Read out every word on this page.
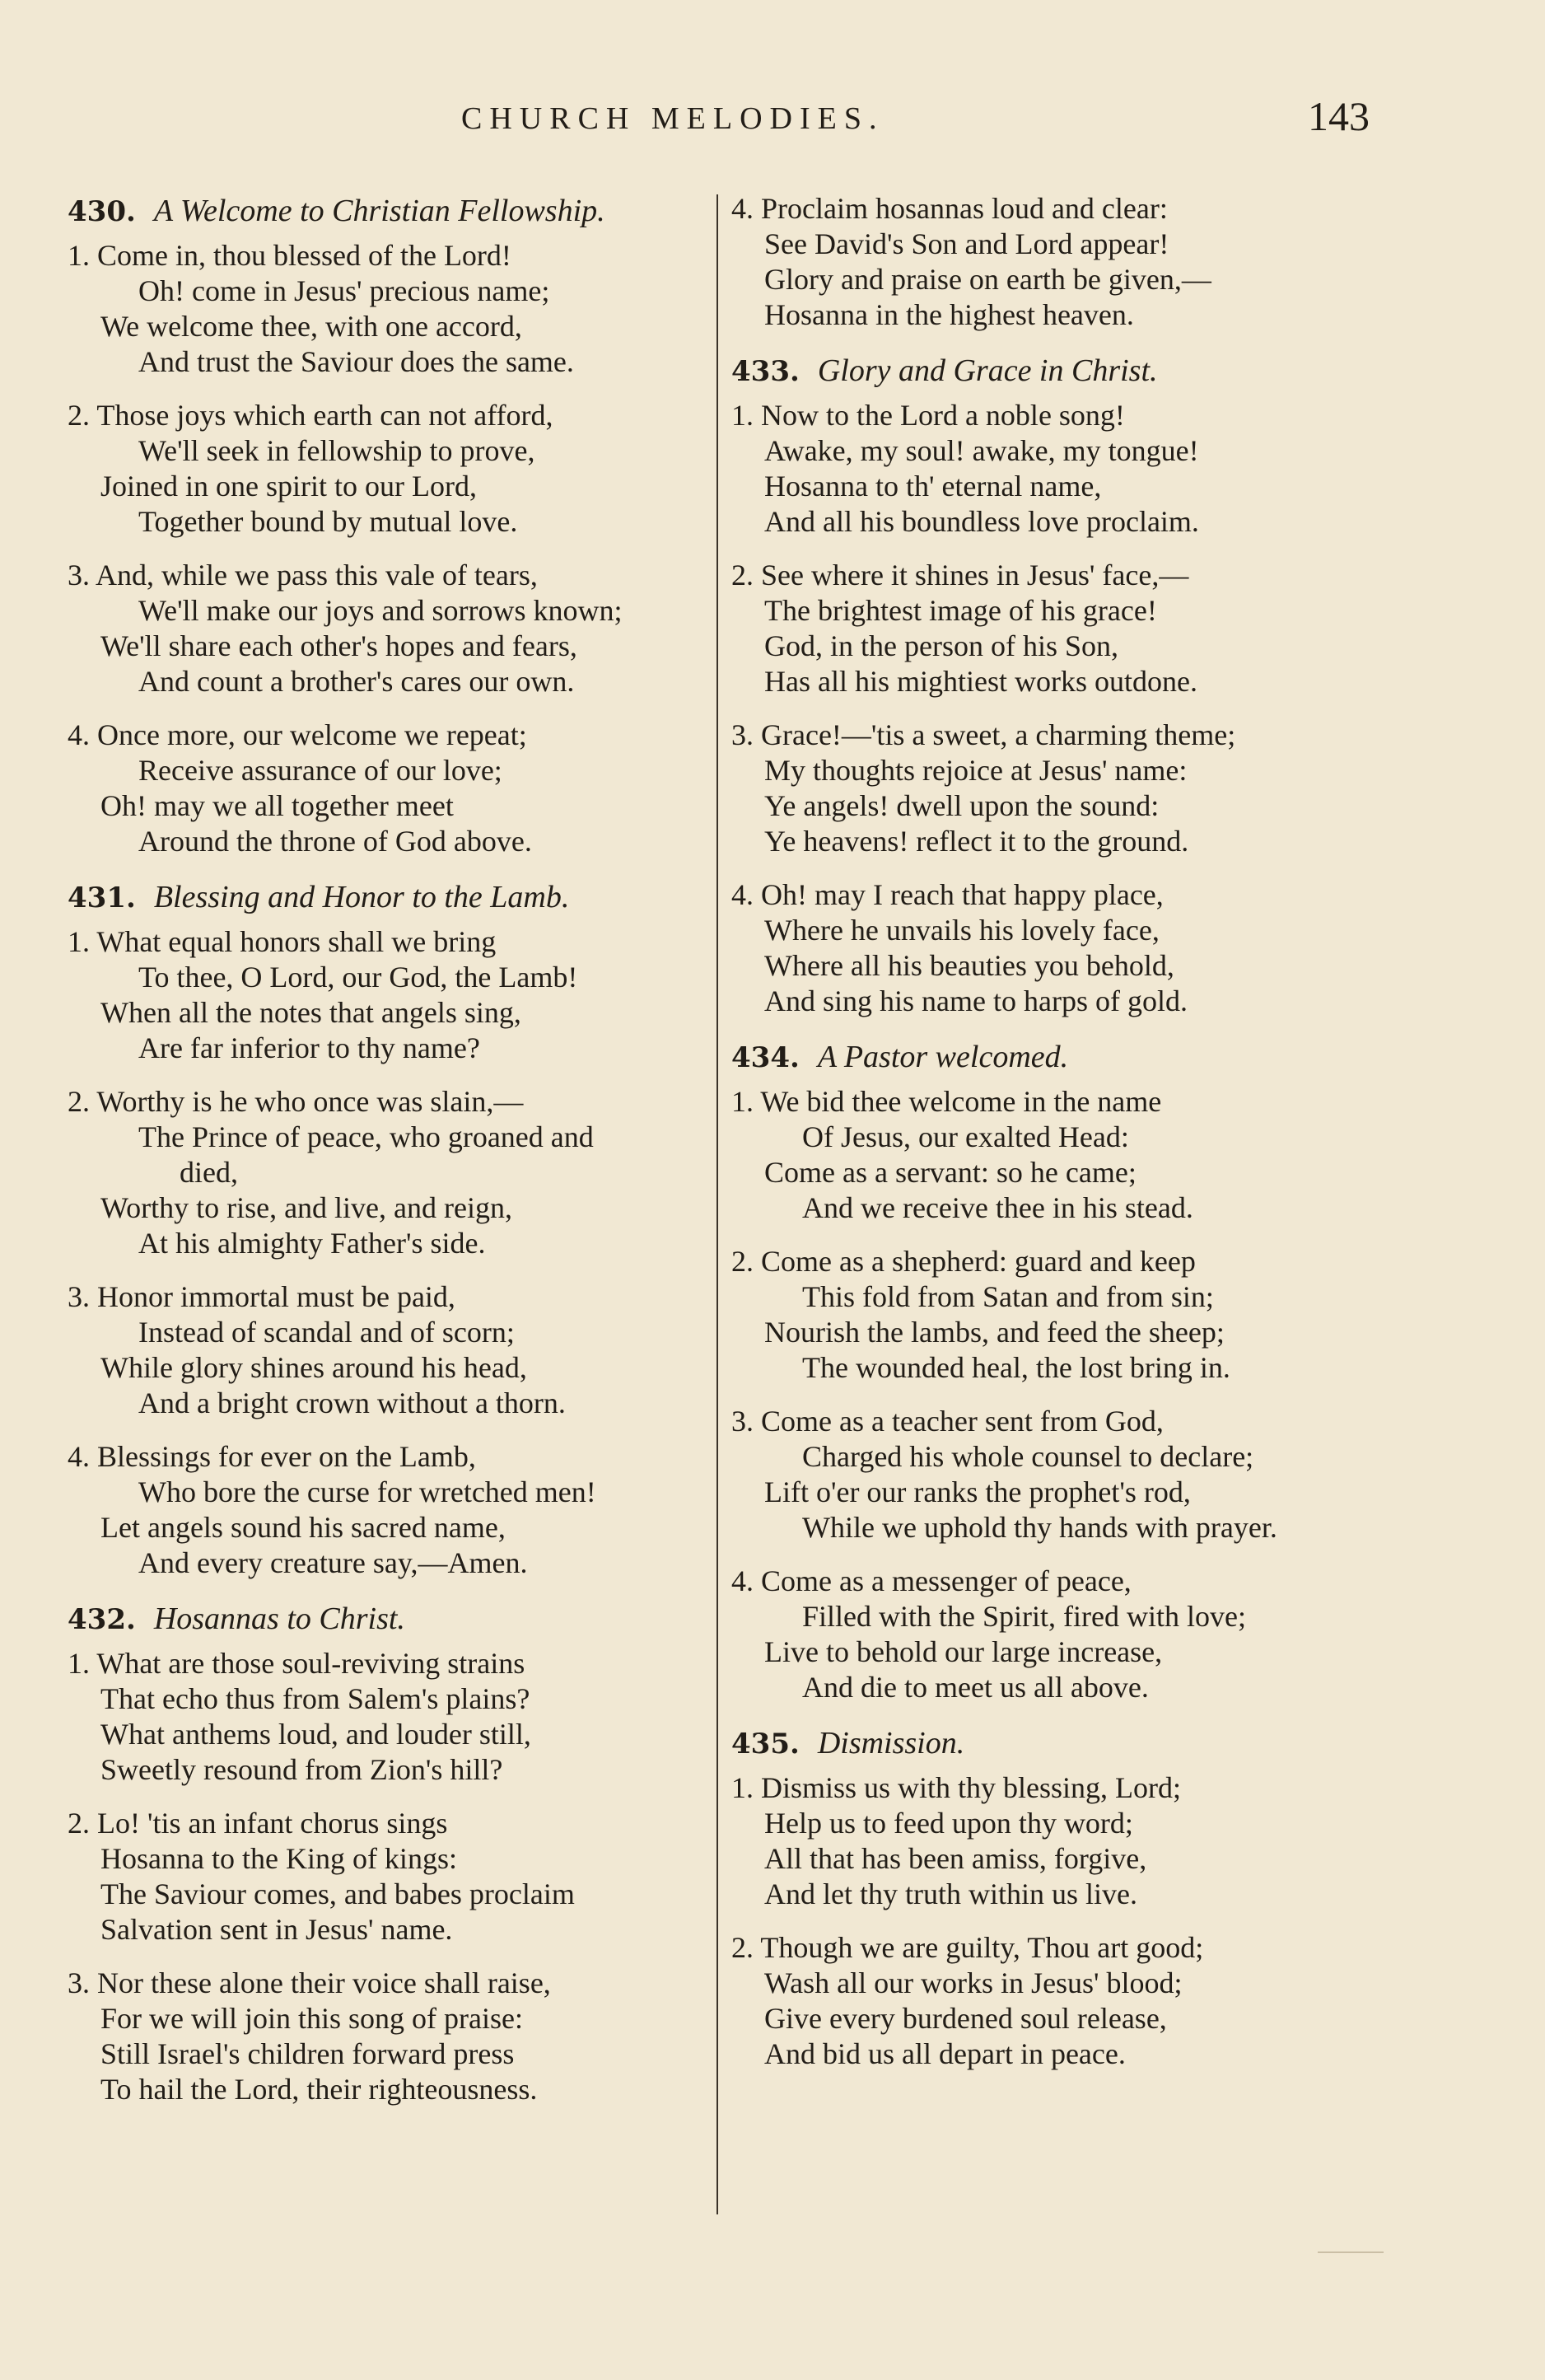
CHURCH MELODIES.	143
430. A Welcome to Christian Fellowship.
1. Come in, thou blessed of the Lord!
Oh! come in Jesus' precious name;
We welcome thee, with one accord,
And trust the Saviour does the same.
2. Those joys which earth can not afford,
We'll seek in fellowship to prove,
Joined in one spirit to our Lord,
Together bound by mutual love.
3. And, while we pass this vale of tears,
We'll make our joys and sorrows known;
We'll share each other's hopes and fears,
And count a brother's cares our own.
4. Once more, our welcome we repeat;
Receive assurance of our love;
Oh! may we all together meet
Around the throne of God above.
431. Blessing and Honor to the Lamb.
1. What equal honors shall we bring
To thee, O Lord, our God, the Lamb!
When all the notes that angels sing,
Are far inferior to thy name?
2. Worthy is he who once was slain,—
The Prince of peace, who groaned and
died,
Worthy to rise, and live, and reign,
At his almighty Father's side.
3. Honor immortal must be paid,
Instead of scandal and of scorn;
While glory shines around his head,
And a bright crown without a thorn.
4. Blessings for ever on the Lamb,
Who bore the curse for wretched men!
Let angels sound his sacred name,
And every creature say,—Amen.
432. Hosannas to Christ.
1. What are those soul-reviving strains
That echo thus from Salem's plains?
What anthems loud, and louder still,
Sweetly resound from Zion's hill?
2. Lo! 'tis an infant chorus sings
Hosanna to the King of kings:
The Saviour comes, and babes proclaim
Salvation sent in Jesus' name.
3. Nor these alone their voice shall raise,
For we will join this song of praise:
Still Israel's children forward press
To hail the Lord, their righteousness.
4. Proclaim hosannas loud and clear:
See David's Son and Lord appear!
Glory and praise on earth be given,—
Hosanna in the highest heaven.
433. Glory and Grace in Christ.
1. Now to the Lord a noble song!
Awake, my soul! awake, my tongue!
Hosanna to th' eternal name,
And all his boundless love proclaim.
2. See where it shines in Jesus' face,—
The brightest image of his grace!
God, in the person of his Son,
Has all his mightiest works outdone.
3. Grace!—'tis a sweet, a charming theme;
My thoughts rejoice at Jesus' name:
Ye angels! dwell upon the sound:
Ye heavens! reflect it to the ground.
4. Oh! may I reach that happy place,
Where he unvails his lovely face,
Where all his beauties you behold,
And sing his name to harps of gold.
434. A Pastor welcomed.
1. We bid thee welcome in the name
Of Jesus, our exalted Head:
Come as a servant: so he came;
And we receive thee in his stead.
2. Come as a shepherd: guard and keep
This fold from Satan and from sin;
Nourish the lambs, and feed the sheep;
The wounded heal, the lost bring in.
3. Come as a teacher sent from God,
Charged his whole counsel to declare;
Lift o'er our ranks the prophet's rod,
While we uphold thy hands with prayer.
4. Come as a messenger of peace,
Filled with the Spirit, fired with love;
Live to behold our large increase,
And die to meet us all above.
435. Dismission.
1. Dismiss us with thy blessing, Lord;
Help us to feed upon thy word;
All that has been amiss, forgive,
And let thy truth within us live.
2. Though we are guilty, Thou art good;
Wash all our works in Jesus' blood;
Give every burdened soul release,
And bid us all depart in peace.
